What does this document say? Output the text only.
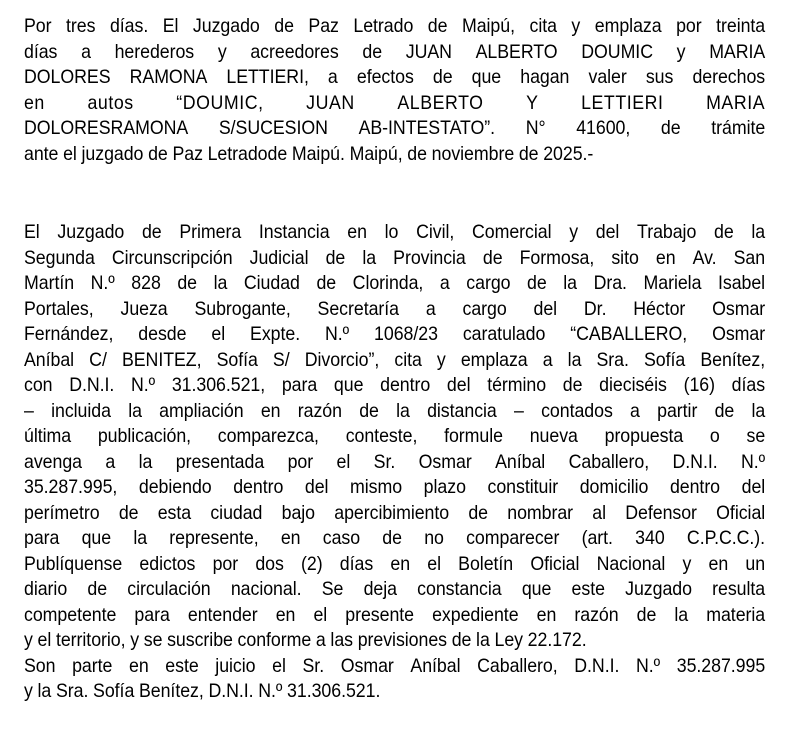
Por tres días. El Juzgado de Paz Letrado de Maipú, cita y emplaza por treinta
días a herederos y acreedores de JUAN ALBERTO DOUMIC y MARIA
DOLORES RAMONA LETTIERI, a efectos de que hagan valer sus derechos
en autos “DOUMIC, JUAN ALBERTO Y LETTIERI MARIA
DOLORESRAMONA S/SUCESION AB-INTESTATO”. N° 41600, de trámite
ante el juzgado de Paz Letradode Maipú. Maipú, de noviembre de 2025.-

El Juzgado de Primera Instancia en lo Civil, Comercial y del Trabajo de la
Segunda Circunscripción Judicial de la Provincia de Formosa, sito en Av. San
Martín N.º 828 de la Ciudad de Clorinda, a cargo de la Dra. Mariela Isabel
Portales, Jueza Subrogante, Secretaría a cargo del Dr. Héctor Osmar
Fernández, desde el Expte. N.º 1068/23 caratulado “CABALLERO, Osmar
Aníbal C/ BENITEZ, Sofía S/ Divorcio”, cita y emplaza a la Sra. Sofía Benítez,
con D.N.I. N.º 31.306.521, para que dentro del término de dieciséis (16) días
– incluida la ampliación en razón de la distancia – contados a partir de la
última publicación, comparezca, conteste, formule nueva propuesta o se
avenga a la presentada por el Sr. Osmar Aníbal Caballero, D.N.I. N.º
35.287.995, debiendo dentro del mismo plazo constituir domicilio dentro del
perímetro de esta ciudad bajo apercibimiento de nombrar al Defensor Oficial
para que la represente, en caso de no comparecer (art. 340 C.P.C.C.).
Publíquense edictos por dos (2) días en el Boletín Oficial Nacional y en un
diario de circulación nacional. Se deja constancia que este Juzgado resulta
competente para entender en el presente expediente en razón de la materia
y el territorio, y se suscribe conforme a las previsiones de la Ley 22.172.
Son parte en este juicio el Sr. Osmar Aníbal Caballero, D.N.I. N.º 35.287.995
y la Sra. Sofía Benítez, D.N.I. N.º 31.306.521.
